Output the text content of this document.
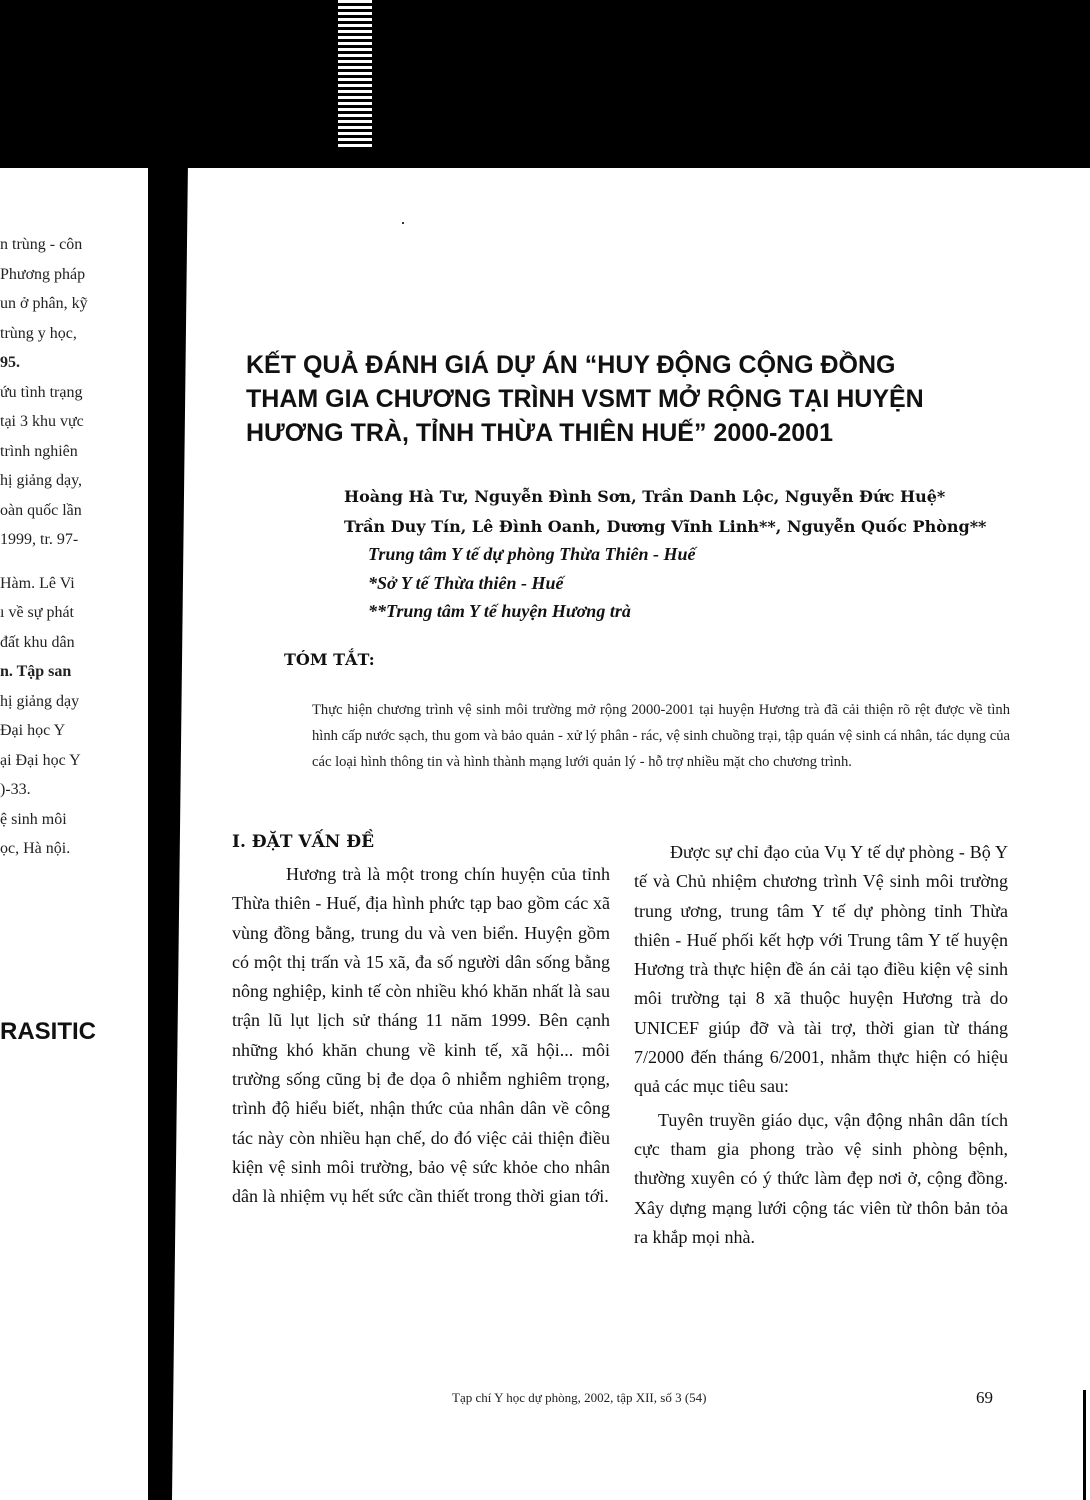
n trùng - côn
Phương pháp
un ở phân, kỹ
trùng y học,
95.
ứu tình trạng
tại 3 khu vực
trình nghiên
hị giảng dạy,
oàn quốc lần
1999, tr. 97-
Hàm. Lê Vi
ı về sự phát
đất khu dân
n. Tập san
hị giảng dạy
Đại học Y
ại Đại học Y
)-33.
ệ sinh môi
ọc, Hà nội.
RASITIC
KẾT QUẢ ĐÁNH GIÁ DỰ ÁN “HUY ĐỘNG CỘNG ĐỒNG
THAM GIA CHƯƠNG TRÌNH VSMT MỞ RỘNG TẠI HUYỆN
HƯƠNG TRÀ, TỈNH THỪA THIÊN HUẾ” 2000-2001
Hoàng Hà Tư, Nguyễn Đình Sơn, Trần Danh Lộc, Nguyễn Đức Huệ*
Trần Duy Tín, Lê Đình Oanh, Dương Vĩnh Linh**, Nguyễn Quốc Phòng**
Trung tâm Y tế dự phòng Thừa Thiên - Huế
*Sở Y tế Thừa thiên - Huế
**Trung tâm Y tế huyện Hương trà
TÓM TẮT:
Thực hiện chương trình vệ sinh môi trường mở rộng 2000-2001 tại huyện Hương trà đã cải thiện rõ rệt được về tình hình cấp nước sạch, thu gom và bảo quản - xử lý phân - rác, vệ sinh chuồng trại, tập quán vệ sinh cá nhân, tác dụng của các loại hình thông tin và hình thành mạng lưới quản lý - hỗ trợ nhiều mặt cho chương trình.
I. ĐẶT VẤN ĐỀ

Hương trà là một trong chín huyện của tỉnh Thừa thiên - Huế, địa hình phức tạp bao gồm các xã vùng đồng bằng, trung du và ven biển. Huyện gồm có một thị trấn và 15 xã, đa số người dân sống bằng nông nghiệp, kinh tế còn nhiều khó khăn nhất là sau trận lũ lụt lịch sử tháng 11 năm 1999. Bên cạnh những khó khăn chung về kinh tế, xã hội... môi trường sống cũng bị đe dọa ô nhiễm nghiêm trọng, trình độ hiểu biết, nhận thức của nhân dân về công tác này còn nhiều hạn chế, do đó việc cải thiện điều kiện vệ sinh môi trường, bảo vệ sức khỏe cho nhân dân là nhiệm vụ hết sức cần thiết trong thời gian tới.

Được sự chỉ đạo của Vụ Y tế dự phòng - Bộ Y tế và Chủ nhiệm chương trình Vệ sinh môi trường trung ương, trung tâm Y tế dự phòng tỉnh Thừa thiên - Huế phối kết hợp với Trung tâm Y tế huyện Hương trà thực hiện đề án cải tạo điều kiện vệ sinh môi trường tại 8 xã thuộc huyện Hương trà do UNICEF giúp đỡ và tài trợ, thời gian từ tháng 7/2000 đến tháng 6/2001, nhằm thực hiện có hiệu quả các mục tiêu sau:

Tuyên truyền giáo dục, vận động nhân dân tích cực tham gia phong trào vệ sinh phòng bệnh, thường xuyên có ý thức làm đẹp nơi ở, cộng đồng. Xây dựng mạng lưới cộng tác viên từ thôn bản tỏa ra khắp mọi nhà.

Tạp chí Y học dự phòng, 2002, tập XII, số 3 (54)	69
